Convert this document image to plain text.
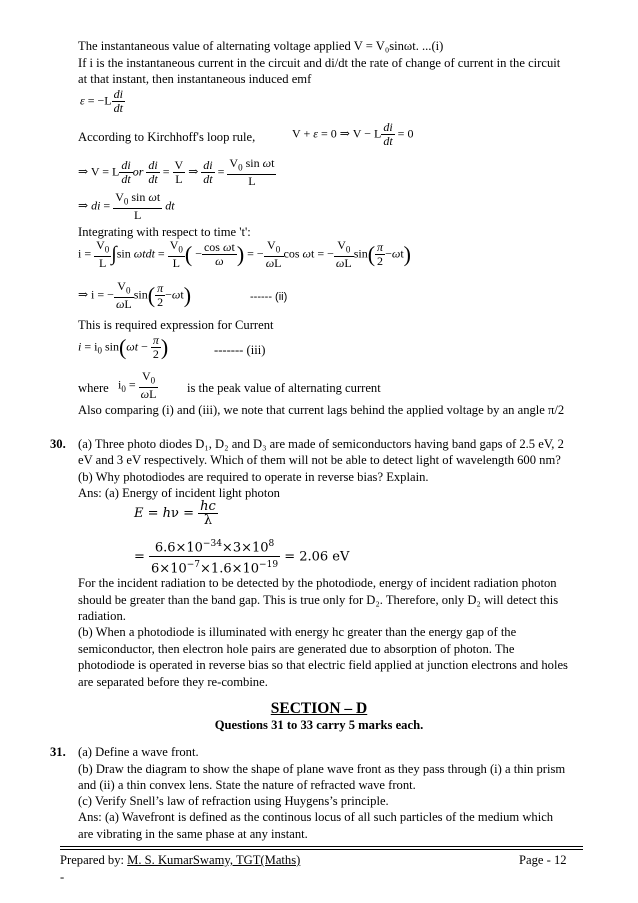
The instantaneous value of alternating voltage applied V = V₀sinωt. ...(i)
If i is the instantaneous current in the circuit and di/dt the rate of change of current in the circuit
at that instant, then instantaneous induced emf
$\varepsilon = -L \frac{di}{dt}$
According to Kirchhoff's loop rule,	V + ε = 0 ⇒ V − L $\frac{di}{dt} = 0$
⇒ V = L $\frac{di}{dt}$ or $\frac{di}{dt} = \frac{V}{L}$ ⇒ $\frac{di}{dt} = \frac{V_0 \sin \omega t}{L}$
⇒ di = $\frac{V_0 \sin \omega t}{L}$ dt
Integrating with respect to time 't':
$i = \frac{V_0}{L} \int\sin$ $\omega tdt = \frac{V_0}{L}$ ( − $\frac{\text{cos ωt}}{\omega}$ ) = − $\frac{V_0}{\omega L}$ cos ωt = − $\frac{V_0}{\omega L} \sin( \frac{\pi}{2} -\omega t)$
⇒ i = − $\frac{V_0}{\omega L} \sin( \frac{\pi}{2} -\omega t)$	------ (ii)
This is required expression for Current
$i = i_0$ $\sin(\omega t - \frac{\pi}{2}$ )	------- (iii)
where $i_0 = \frac{V_0}{\omega L}$ is the peak value of alternating current
Also comparing (i) and (iii), we note that current lags behind the applied voltage by an angle π/2
30. (a) Three photo diodes D₁, D₂ and D₃ are made of semiconductors having band gaps of 2.5 eV, 2
eV and 3 eV respectively. Which of them will not be able to detect light of wavelength 600 nm?
(b) Why photodiodes are required to operate in reverse bias? Explain.
Ans: (a) Energy of incident light photon
$E = h\nu = \frac{hc}{\lambda}$
= $\frac{6.6\times 10^{-34}\times 3\times 10^8}{6\times 10^{-7}\times 1.6\times 10^{-19}} = 2.06$ eV
For the incident radiation to be detected by the photodiode, energy of incident radiation photon
should be greater than the band gap. This is true only for D₂. Therefore, only D₂ will detect this
radiation.
(b) When a photodiode is illuminated with energy hc greater than the energy gap of the
semiconductor, then electron hole pairs are generated due to absorption of photon. The
photodiode is operated in reverse bias so that electric field applied at junction electrons and holes
are separated before they re-combine.
SECTION – D
Questions 31 to 33 carry 5 marks each.
31. (a) Define a wave front.
(b) Draw the diagram to show the shape of plane wave front as they pass through (i) a thin prism
and (ii) a thin convex lens. State the nature of refracted wave front.
(c) Verify Snell’s law of refraction using Huygens’s principle.
Ans: (a) Wavefront is defined as the continous locus of all such particles of the medium which
are vibrating in the same phase at any instant.
Prepared by: M. S. KumarSwamy, TGT(Maths)	Page - 12
-
